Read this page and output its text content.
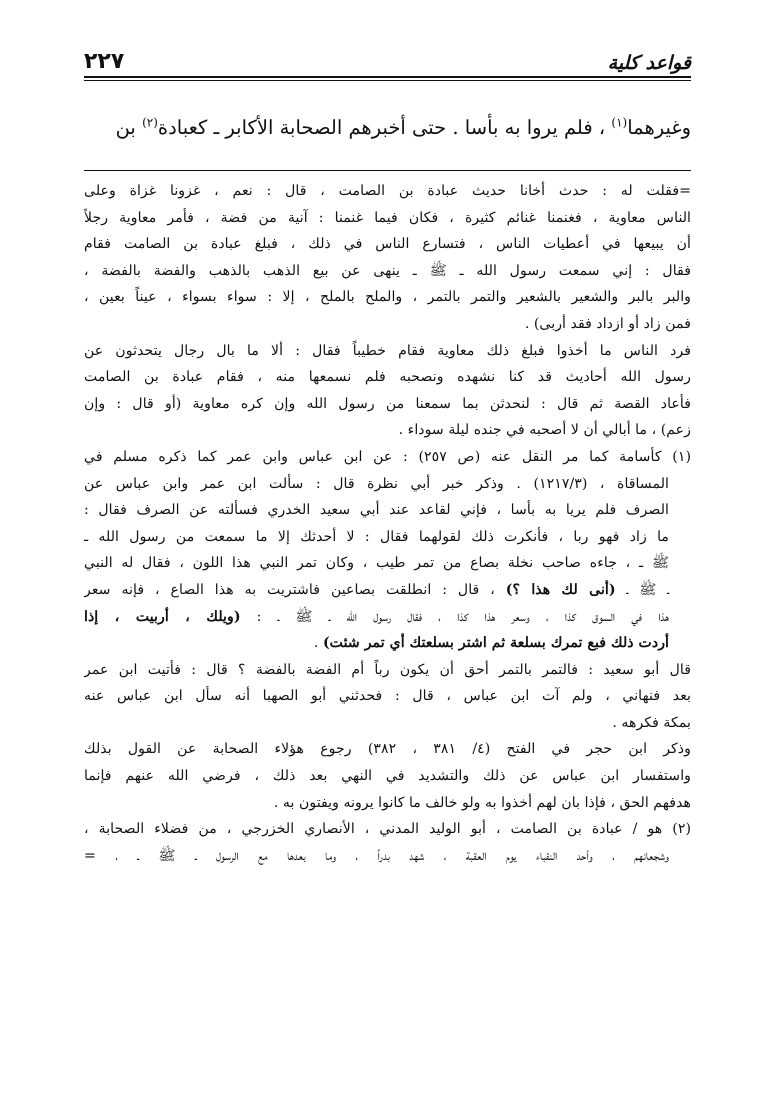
قواعد كلية
٢٢٧
وغيرهما$^{(١)}$ ، فلم يروا به بأسا . حتى أخبرهم الصحابة الأكابر ـ كعبادة$^{(٢)}$ بن
=فقلت له : حدث أخانا حديث عبادة بن الصامت ، قال : نعم ، غزونا غزاة وعلى
الناس معاوية ، فغنمنا غنائم كثيرة ، فكان فيما غنمنا : آنية من فضة ، فأمر معاوية رجلاً
أن يبيعها في أعطيات الناس ، فتسارع الناس في ذلك ، فبلغ عبادة بن الصامت فقام
فقال : إني سمعت رسول الله ـ ﷺ ـ ينهى عن بيع الذهب بالذهب والفضة بالفضة ،
والبر بالبر والشعير بالشعير والتمر بالتمر ، والملح بالملح ، إلا : سواء بسواء ، عيناً بعين ،
فمن زاد أو ازداد فقد أربى) .
فرد الناس ما أخذوا فبلغ ذلك معاوية فقام خطيباً فقال : ألا ما بال رجال يتحدثون عن
رسول الله أحاديث قد كنا نشهده ونصحبه فلم نسمعها منه ، فقام عبادة بن الصامت
فأعاد القصة ثم قال : لنحدثن بما سمعنا من رسول الله وإن كره معاوية (أو قال : وإن
زعم) ، ما أبالي أن لا أصحبه في جنده ليلة سوداء .
(١) كأسامة كما مر النقل عنه (ص ٢٥٧) : عن ابن عباس وابن عمر كما ذكره مسلم في
المساقاة ، (١٢١٧/٣) . وذكر خبر أبي نظرة قال : سألت ابن عمر وابن عباس عن
الصرف فلم يريا به بأسا ، فإني لقاعد عند أبي سعيد الخدري فسألته عن الصرف فقال :
ما زاد فهو ربا ، فأنكرت ذلك لقولهما فقال : لا أحدثك إلا ما سمعت من رسول الله ـ
ﷺ ـ ، جاءه صاحب نخلة بصاع من تمر طيب ، وكان تمر النبي هذا اللون ، فقال له النبي
ـ ﷺ ـ (أنى لك هذا ؟) ، قال : انطلقت بصاعين فاشتريت به هذا الصاع ، فإنه سعر
هذا في السوق كذا ، وسعر هذا كذا ، فقال رسول الله ـ ﷺ ـ : (ويلك ، أربيت ، إذا
أردت ذلك فبع تمرك بسلعة ثم اشتر بسلعتك أي تمر شئت) .
قال أبو سعيد : فالتمر بالتمر أحق أن يكون رباً أم الفضة بالفضة ؟ قال : فأتيت ابن عمر
بعد فنهاني ، ولم آت ابن عباس ، قال : فحدثني أبو الصهبا أنه سأل ابن عباس عنه
بمكة فكرهه .
وذكر ابن حجر في الفتح (٤/ ٣٨١ ، ٣٨٢) رجوع هؤلاء الصحابة عن القول بذلك
واستفسار ابن عباس عن ذلك والتشديد في النهي بعد ذلك ، فرضي الله عنهم فإنما
هدفهم الحق ، فإذا بان لهم أخذوا به ولو خالف ما كانوا يرونه ويفتون به .
(٢) هو / عبادة بن الصامت ، أبو الوليد المدني ، الأنصاري الخزرجي ، من فضلاء الصحابة ،
وشجعانهم ، وأحد النقباء يوم العقبة ، شهد بدراً ، وما بعدها مع الرسول ـ ﷺ ـ ، =
